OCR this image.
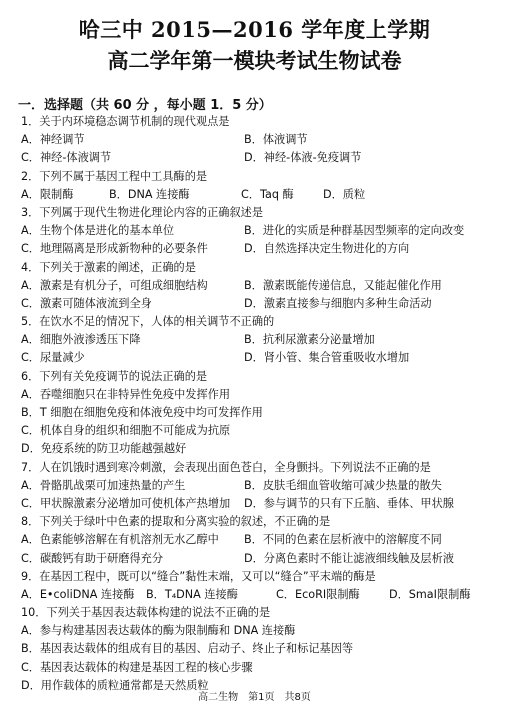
哈三中 2015—2016 学年度上学期
高二学年第一模块考试生物试卷
一．选择题（共 60 分 ，每小题 1．5 分）
1．关于内环境稳态调节机制的现代观点是
A．神经调节	B．体液调节
C．神经-体液调节	D．神经-体液-免疫调节
2．下列不属于基因工程中工具酶的是
A．限制酶	B．DNA 连接酶	C．Taq 酶	D．质粒
3．下列属于现代生物进化理论内容的正确叙述是
A．生物个体是进化的基本单位	B．进化的实质是种群基因型频率的定向改变
C．地理隔离是形成新物种的必要条件	D．自然选择决定生物进化的方向
4．下列关于激素的阐述，正确的是
A．激素是有机分子，可组成细胞结构	B．激素既能传递信息，又能起催化作用
C．激素可随体液流到全身	D．激素直接参与细胞内多种生命活动
5．在饮水不足的情况下，人体的相关调节不正确的
A．细胞外液渗透压下降	B．抗利尿激素分泌量增加
C．尿量减少	D．肾小管、集合管重吸收水增加
6．下列有关免疫调节的说法正确的是
A．吞噬细胞只在非特异性免疫中发挥作用
B．T 细胞在细胞免疫和体液免疫中均可发挥作用
C．机体自身的组织和细胞不可能成为抗原
D．免疫系统的防卫功能越强越好
7．人在饥饿时遇到寒冷刺激，会表现出面色苍白，全身颤抖。下列说法不正确的是
A．骨骼肌战栗可加速热量的产生	B．皮肤毛细血管收缩可减少热量的散失
C．甲状腺激素分泌增加可使机体产热增加 D．参与调节的只有下丘脑、垂体、甲状腺
8．下列关于绿叶中色素的提取和分离实验的叙述，不正确的是
A．色素能够溶解在有机溶剂无水乙醇中 B．不同的色素在层析液中的溶解度不同
C．碳酸钙有助于研磨得充分	D．分离色素时不能让滤液细线触及层析液
9．在基因工程中，既可以“缝合”黏性末端，又可以“缝合”平末端的酶是
A．E•coliDNA 连接酶 B．T₄DNA 连接酶	C．EcoRⅠ限制酶	D．SmaⅠ限制酶
10．下列关于基因表达载体构建的说法不正确的是
A．参与构建基因表达载体的酶为限制酶和 DNA 连接酶
B．基因表达载体的组成有目的基因、启动子、终止子和标记基因等
C．基因表达载体的构建是基因工程的核心步骤
D．用作载体的质粒通常都是天然质粒
高二生物　第1页　共8页
